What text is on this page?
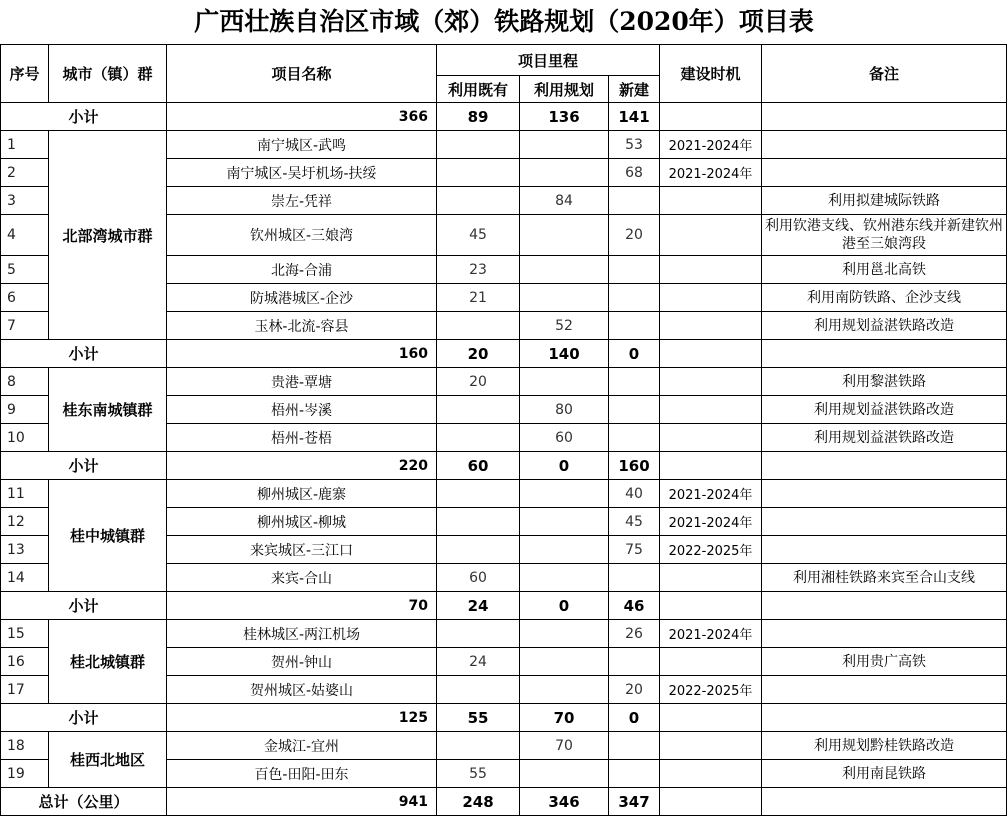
广西壮族自治区市域（郊）铁路规划（2020年）项目表
序号	城市（镇）群	项目名称	项目里程			建设时机	备注
			利用既有	利用规划	新建		
小计		366	89	136	141		
1	北部湾城市群	南宁城区-武鸣			53	2021-2024年	
2		南宁城区-吴圩机场-扶绥			68	2021-2024年	
3		崇左-凭祥		84			利用拟建城际铁路
4		钦州城区-三娘湾	45		20		利用钦港支线、钦州港东线并新建钦州港至三娘湾段
5		北海-合浦	23				利用邕北高铁
6		防城港城区-企沙	21				利用南防铁路、企沙支线
7		玉林-北流-容县		52			利用规划益湛铁路改造
小计		160	20	140	0		
8	桂东南城镇群	贵港-覃塘	20				利用黎湛铁路
9		梧州-岑溪		80			利用规划益湛铁路改造
10		梧州-苍梧		60			利用规划益湛铁路改造
小计		220	60	0	160		
11	桂中城镇群	柳州城区-鹿寨			40	2021-2024年	
12		柳州城区-柳城			45	2021-2024年	
13		来宾城区-三江口			75	2022-2025年	
14		来宾-合山	60				利用湘桂铁路来宾至合山支线
小计		70	24	0	46		
15	桂北城镇群	桂林城区-两江机场			26	2021-2024年	
16		贺州-钟山	24				利用贵广高铁
17		贺州城区-姑婆山			20	2022-2025年	
小计		125	55	70	0		
18	桂西北地区	金城江-宜州		70			利用规划黔桂铁路改造
19		百色-田阳-田东	55				利用南昆铁路
总计（公里）		941	248	346	347		
